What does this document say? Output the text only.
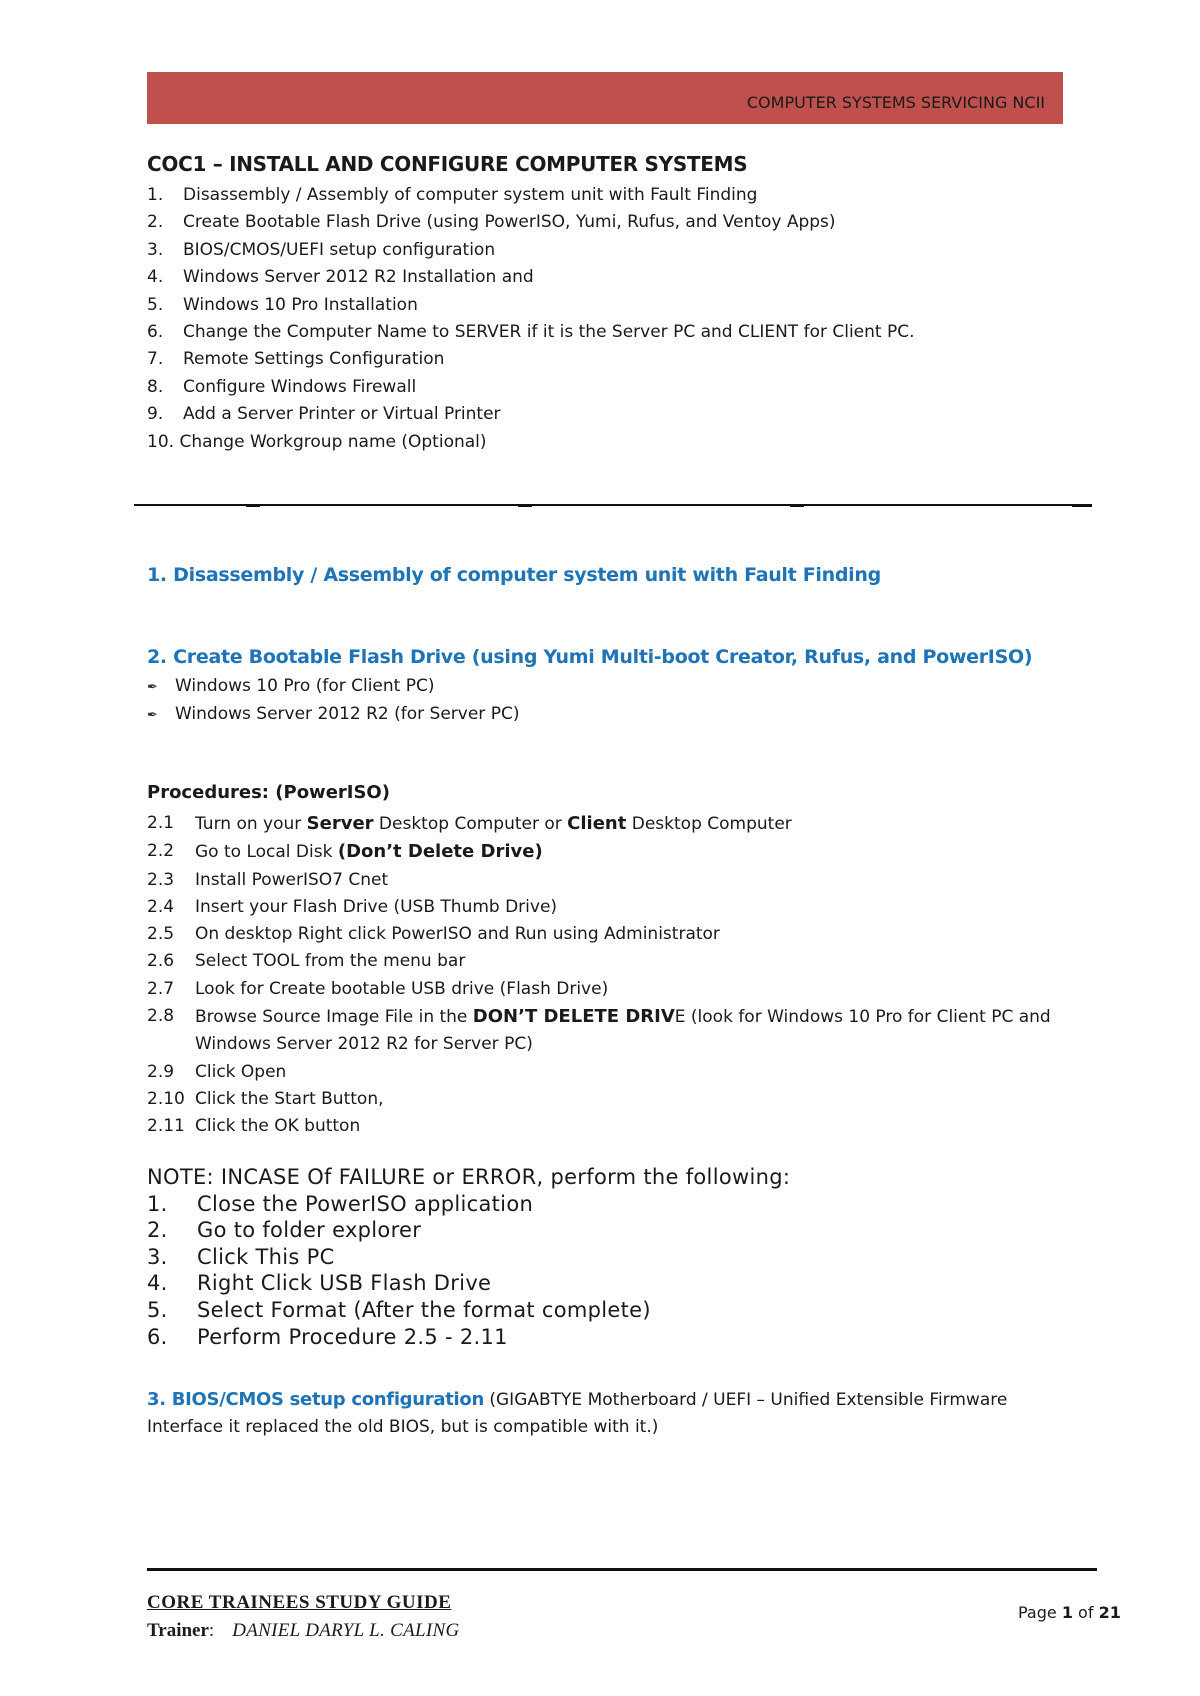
COMPUTER SYSTEMS SERVICING NCII
COC1 – INSTALL AND CONFIGURE COMPUTER SYSTEMS
1. Disassembly / Assembly of computer system unit with Fault Finding
2. Create Bootable Flash Drive (using PowerISO, Yumi, Rufus, and Ventoy Apps)
3. BIOS/CMOS/UEFI setup configuration
4. Windows Server 2012 R2 Installation and
5. Windows 10 Pro Installation
6. Change the Computer Name to SERVER if it is the Server PC and CLIENT for Client PC.
7. Remote Settings Configuration
8. Configure Windows Firewall
9. Add a Server Printer or Virtual Printer
10. Change Workgroup name (Optional)
1. Disassembly / Assembly of computer system unit with Fault Finding
2. Create Bootable Flash Drive (using Yumi Multi-boot Creator, Rufus, and PowerISO)
✒ Windows 10 Pro (for Client PC)
✒ Windows Server 2012 R2 (for Server PC)
Procedures: (PowerISO)
2.1	Turn on your Server Desktop Computer or Client Desktop Computer
2.2	Go to Local Disk (Don’t Delete Drive)
2.3	Install PowerISO7 Cnet
2.4	Insert your Flash Drive (USB Thumb Drive)
2.5	On desktop Right click PowerISO and Run using Administrator
2.6	Select TOOL from the menu bar
2.7	Look for Create bootable USB drive (Flash Drive)
2.8	Browse Source Image File in the DON’T DELETE DRIVE (look for Windows 10 Pro for Client PC and Windows Server 2012 R2 for Server PC)
2.9	Click Open
2.10 Click the Start Button,
2.11 Click the OK button
NOTE: INCASE Of FAILURE or ERROR, perform the following:
1. Close the PowerISO application
2. Go to folder explorer
3. Click This PC
4. Right Click USB Flash Drive
5. Select Format (After the format complete)
6. Perform Procedure 2.5 - 2.11
3. BIOS/CMOS setup configuration (GIGABTYE Motherboard / UEFI – Unified Extensible Firmware Interface it replaced the old BIOS, but is compatible with it.)
CORE TRAINEES STUDY GUIDE
Trainer: DANIEL DARYL L. CALING
Page 1 of 21
